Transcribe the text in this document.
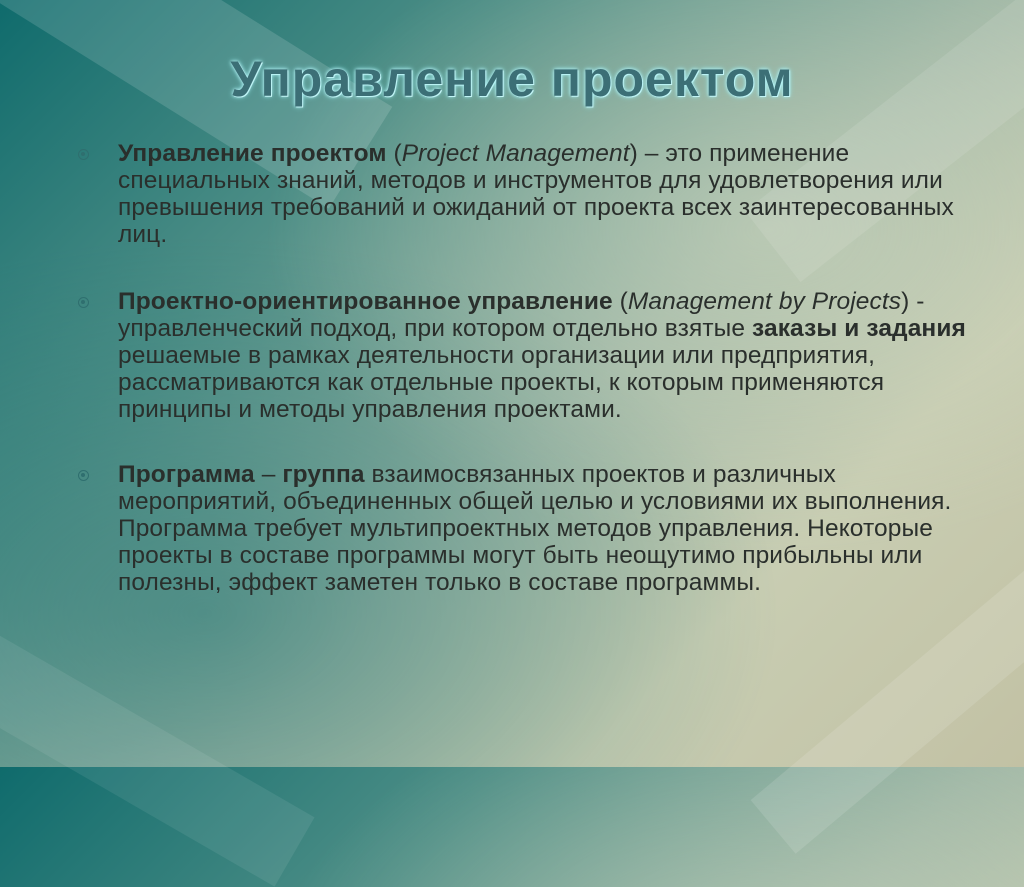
Управление проектом
Управление проектом (Project Management) – это применение специальных знаний, методов и инструментов для удовлетворения или превышения требований и ожиданий от проекта всех заинтересованных лиц.
Проектно-ориентированное управление (Management by Projects) - управленческий подход, при котором отдельно взятые заказы и задания решаемые в рамках деятельности организации или предприятия, рассматриваются как отдельные проекты, к которым применяются принципы и методы управления проектами.
Программа – группа взаимосвязанных проектов и различных мероприятий, объединенных общей целью и условиями их выполнения. Программа требует мультипроектных методов управления. Некоторые проекты в составе программы могут быть неощутимо прибыльны или полезны, эффект заметен только в составе программы.
